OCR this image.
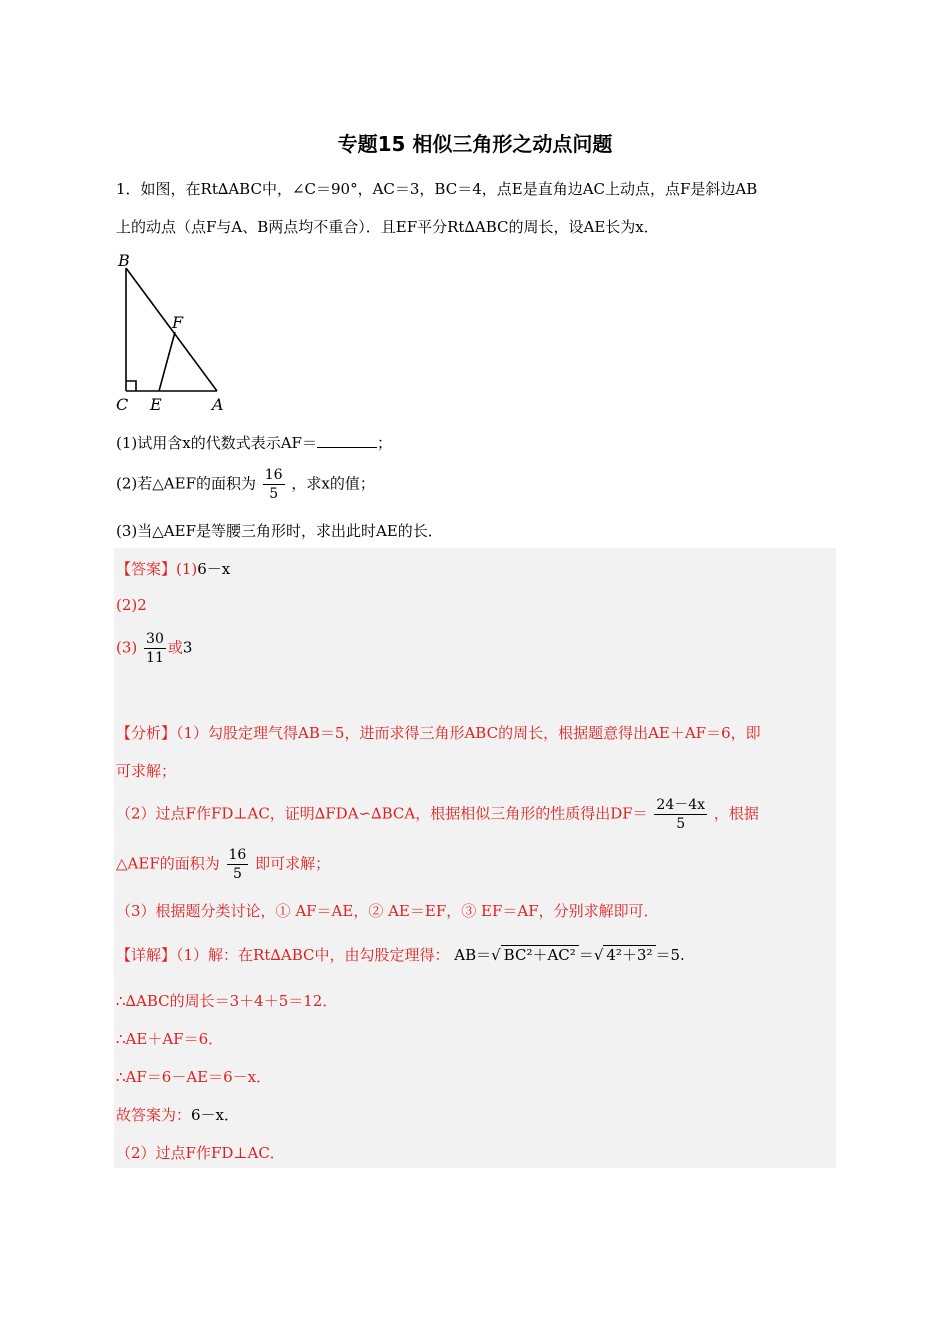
专题15 相似三角形之动点问题
1．如图，在Rt∆ABC中，∠C＝90°，AC＝3，BC＝4，点E是直角边AC上动点，点F是斜边AB
上的动点（点F与A、B两点均不重合）．且EF平分Rt∆ABC的周长，设AE长为x．
B
F
C E	A
(1)试用含x的代数式表示AF＝	；
(2)若△AEF的面积为 $\frac{16}{5}$ ，求x的值；
(3)当△AEF是等腰三角形时，求出此时AE的长．
【答案】(1)6－x
(2)2
$(3) \frac{30}{11}$ 或3
【分析】（1）勾股定理气得AB＝5，进而求得三角形ABC的周长，根据题意得出AE＋AF＝6，即
可求解；
（2）过点F作FD⊥AC，证明∆FDA∽∆BCA，根据相似三角形的性质得出$DF= \frac{24-4x}{5}$ ，根据
△AEF的面积为 $\frac{16}{5}$ 即可求解；
（3）根据题分类讨论，① AF＝AE，② AE＝EF，③ EF＝AF，分别求解即可．
【详解】（1）解：在Rt∆ABC中，由勾股定理得： AB＝√ BC²＋AC² ＝√ 4²＋3² ＝5.
∴∆ABC的周长＝3＋4＋5＝12．
∴AE＋AF＝6．
∴AF＝6－AE＝6－x．
故答案为：6－x．
（2）过点F作FD⊥AC．
